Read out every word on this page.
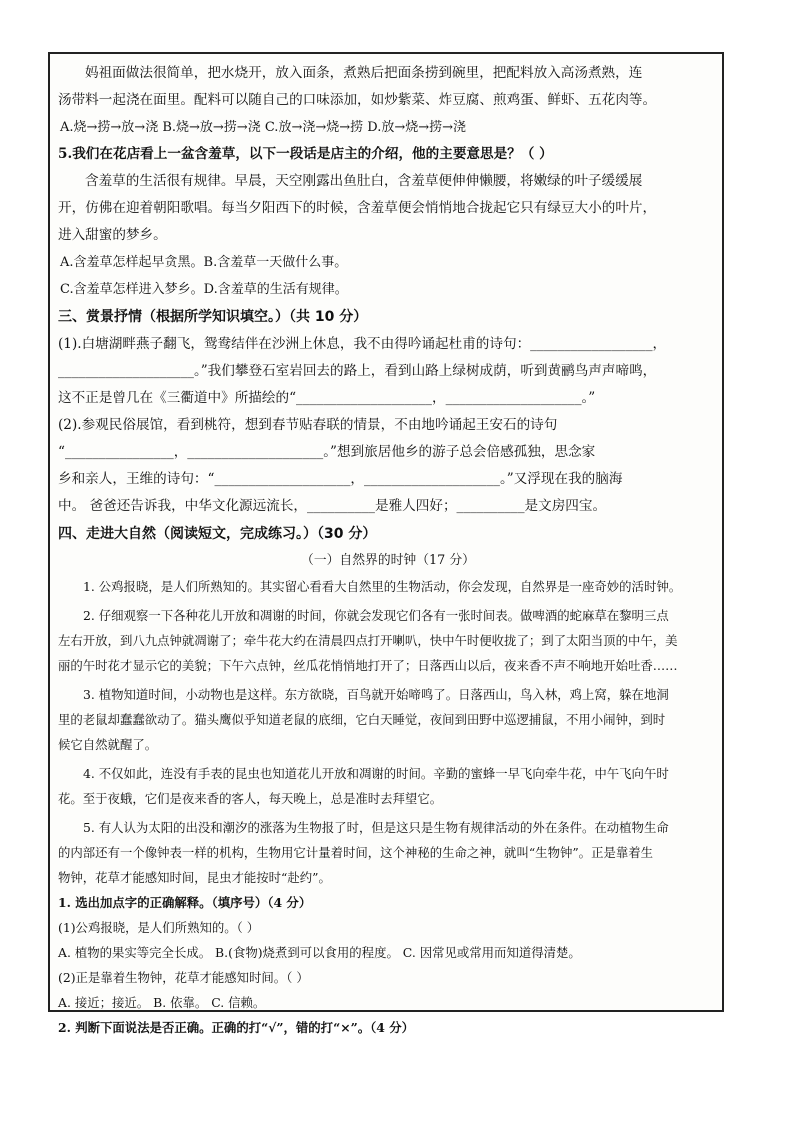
妈祖面做法很简单，把水烧开，放入面条，煮熟后把面条捞到碗里，把配料放入高汤煮熟，连

汤带料一起浇在面里。配料可以随自己的口味添加，如炒紫菜、炸豆腐、煎鸡蛋、鲜虾、五花肉等。

A.烧→捞→放→浇 B.烧→放→捞→浇 C.放→浇→烧→捞 D.放→烧→捞→浇

5.我们在花店看上一盆含羞草，以下一段话是店主的介绍，他的主要意思是？（ ）

含羞草的生活很有规律。早晨，天空刚露出鱼肚白，含羞草便伸伸懒腰，将嫩绿的叶子缓缓展

开，仿佛在迎着朝阳歌唱。每当夕阳西下的时候，含羞草便会悄悄地合拢起它只有绿豆大小的叶片，

进入甜蜜的梦乡。

A.含羞草怎样起早贪黑。B.含羞草一天做什么事。

C.含羞草怎样进入梦乡。D.含羞草的生活有规律。

三、赏景抒情（根据所学知识填空。）（共 10 分）

(1).白塘湖畔燕子翻飞，鸳鸯结伴在沙洲上休息，我不由得吟诵起杜甫的诗句：__________________，

____________________。”我们攀登石室岩回去的路上，看到山路上绿树成荫，听到黄鹂鸟声声啼鸣，

这不正是曾几在《三衢道中》所描绘的“____________________，____________________。”

(2).参观民俗展馆，看到桃符，想到春节贴春联的情景，不由地吟诵起王安石的诗句

“________________，____________________。”想到旅居他乡的游子总会倍感孤独，思念家

乡和亲人，王维的诗句：“____________________，____________________。”又浮现在我的脑海

中。 爸爸还告诉我，中华文化源远流长，__________是雅人四好；__________是文房四宝。

四、走进大自然（阅读短文，完成练习。）（30 分）

（一）自然界的时钟（17 分）

1. 公鸡报晓，是人们所熟知的。其实留心看看大自然里的生物活动，你会发现，自然界是一座奇妙的活时钟。

2. 仔细观察一下各种花儿开放和凋谢的时间，你就会发现它们各有一张时间表。做啤酒的蛇麻草在黎明三点

左右开放，到八九点钟就凋谢了；牵牛花大约在清晨四点打开喇叭，快中午时便收拢了；到了太阳当顶的中午，美

丽的午时花才显示它的美貌；下午六点钟，丝瓜花悄悄地打开了；日落西山以后，夜来香不声不响地开始吐香……

3. 植物知道时间，小动物也是这样。东方欲晓，百鸟就开始啼鸣了。日落西山，鸟入林，鸡上窝，躲在地洞

里的老鼠却蠢蠢欲动了。猫头鹰似乎知道老鼠的底细，它白天睡觉，夜间到田野中巡逻捕鼠，不用小闹钟，到时

候它自然就醒了。

4. 不仅如此，连没有手表的昆虫也知道花儿开放和凋谢的时间。辛勤的蜜蜂一早飞向牵牛花，中午飞向午时

花。至于夜蛾，它们是夜来香的客人，每天晚上，总是准时去拜望它。

5. 有人认为太阳的出没和潮汐的涨落为生物报了时，但是这只是生物有规律活动的外在条件。在动植物生命

的内部还有一个像钟表一样的机构，生物用它计量着时间，这个神秘的生命之神，就叫“生物钟”。正是靠着生

物钟，花草才能感知时间，昆虫才能按时“赴约”。

1. 选出加点字的正确解释。（填序号）（4 分）

(1)公鸡报晓，是人们所熟知的。（ ）

A. 植物的果实等完全长成。 B.(食物)烧煮到可以食用的程度。 C. 因常见或常用而知道得清楚。

(2)正是靠着生物钟，花草才能感知时间。（ ）

A. 接近；接近。 B. 依靠。 C. 信赖。

2. 判断下面说法是否正确。正确的打“√”，错的打“×”。（4 分）
